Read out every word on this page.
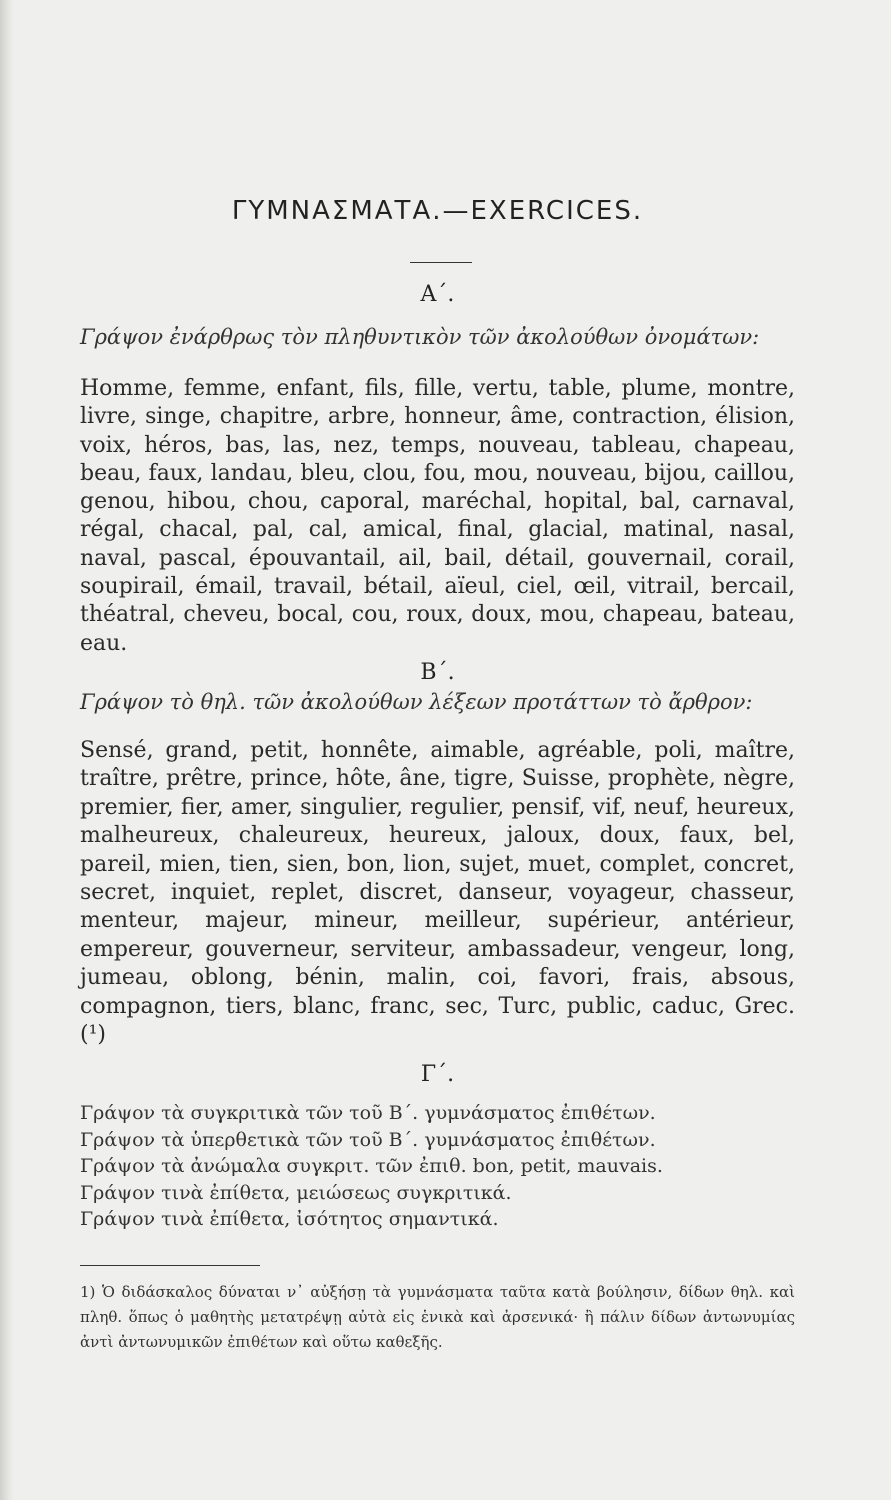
ΓΥΜΝΑΣΜΑΤΑ.—EXERCICES.
Α΄.
Γράψον ἐνάρθρως τὸν πληθυντικὸν τῶν ἀκολούθων ὀνομάτων:
Homme, femme, enfant, fils, fille, vertu, table, plume, montre, livre, singe, chapitre, arbre, honneur, âme, contraction, élision, voix, héros, bas, las, nez, temps, nouveau, tableau, chapeau, beau, faux, landau, bleu, clou, fou, mou, nouveau, bijou, caillou, genou, hibou, chou, caporal, maréchal, hopital, bal, carnaval, régal, chacal, pal, cal, amical, final, glacial, matinal, nasal, naval, pascal, épouvantail, ail, bail, détail, gouvernail, corail, soupirail, émail, travail, bétail, aïeul, ciel, œil, vitrail, bercail, théatral, cheveu, bocal, cou, roux, doux, mou, chapeau, bateau, eau.
Β΄.
Γράψον τὸ θηλ. τῶν ἀκολούθων λέξεων προτάττων τὸ ἄρθρον:
Sensé, grand, petit, honnête, aimable, agréable, poli, maître, traître, prêtre, prince, hôte, âne, tigre, Suisse, prophète, nègre, premier, fier, amer, singulier, regulier, pensif, vif, neuf, heureux, malheureux, chaleureux, heureux, jaloux, doux, faux, bel, pareil, mien, tien, sien, bon, lion, sujet, muet, complet, concret, secret, inquiet, replet, discret, danseur, voyageur, chasseur, menteur, majeur, mineur, meilleur, supérieur, antérieur, empereur, gouverneur, serviteur, ambassadeur, vengeur, long, jumeau, oblong, bénin, malin, coi, favori, frais, absous, compagnon, tiers, blanc, franc, sec, Turc, public, caduc, Grec. (¹)
Γ΄.
Γράψον τὰ συγκριτικὰ τῶν τοῦ Β΄. γυμνάσματος ἐπιθέτων.
Γράψον τὰ ὑπερθετικὰ τῶν τοῦ Β΄. γυμνάσματος ἐπιθέτων.
Γράψον τὰ ἀνώμαλα συγκριτ. τῶν ἐπιθ. bon, petit, mauvais.
Γράψον τινὰ ἐπίθετα, μειώσεως συγκριτικά.
Γράψον τινὰ ἐπίθετα, ἰσότητος σημαντικά.
1) Ὁ διδάσκαλος δύναται ν᾽ αὐξήσῃ τὰ γυμνάσματα ταῦτα κατὰ βούλησιν, δίδων θηλ. καὶ πληθ. ὅπως ὁ μαθητὴς μετατρέψῃ αὐτὰ εἰς ἑνικὰ καὶ ἀρσενικά· ἢ πάλιν δίδων ἀντωνυμίας ἀντὶ ἀντωνυμικῶν ἐπιθέτων καὶ οὕτω καθεξῆς.
